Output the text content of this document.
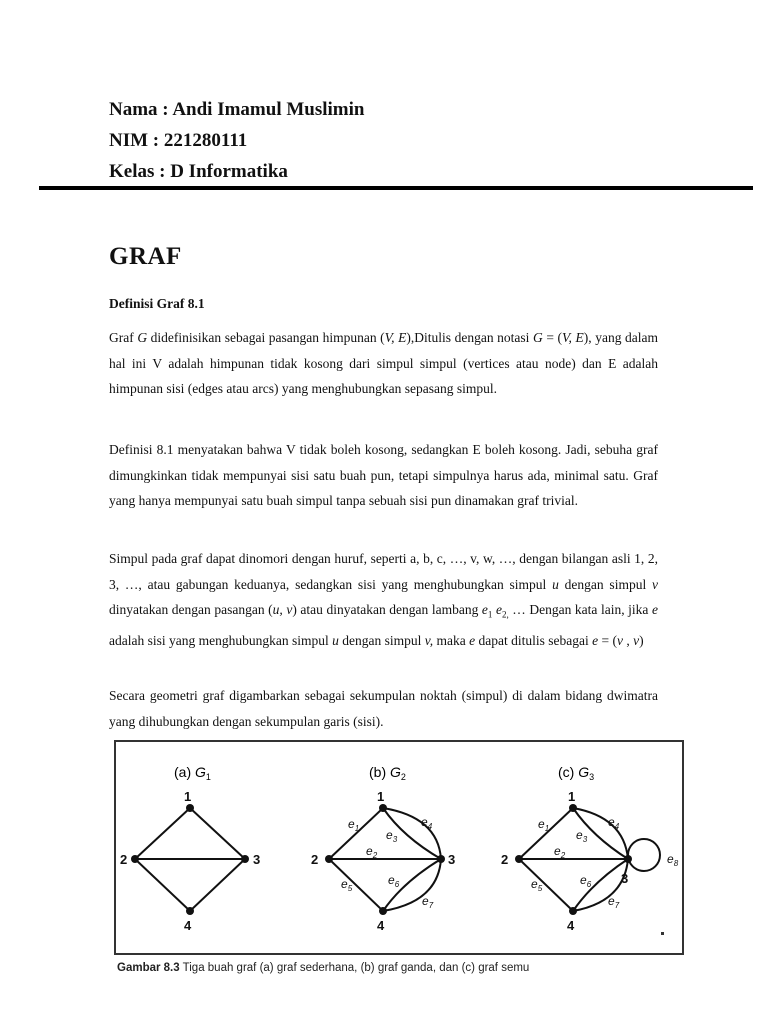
Nama : Andi Imamul Muslimin
NIM : 221280111
Kelas : D Informatika
GRAF
Definisi Graf 8.1
Graf G didefinisikan sebagai pasangan himpunan (V, E),Ditulis dengan notasi G = (V, E), yang dalam hal ini V adalah himpunan tidak kosong dari simpul simpul (vertices atau node) dan E adalah himpunan sisi (edges atau arcs) yang menghubungkan sepasang simpul.
Definisi 8.1 menyatakan bahwa V tidak boleh kosong, sedangkan E boleh kosong. Jadi, sebuha graf dimungkinkan tidak mempunyai sisi satu buah pun, tetapi simpulnya harus ada, minimal satu. Graf yang hanya mempunyai satu buah simpul tanpa sebuah sisi pun dinamakan graf trivial.
Simpul pada graf dapat dinomori dengan huruf, seperti a, b, c, …, v, w, …, dengan bilangan asli 1, 2, 3, …, atau gabungan keduanya, sedangkan sisi yang menghubungkan simpul u dengan simpul v dinyatakan dengan pasangan (u, v) atau dinyatakan dengan lambang $e_1$ $e_{2,}$ … Dengan kata lain, jika e adalah sisi yang menghubungkan simpul u dengan simpul v, maka e dapat ditulis sebagai e = (v , v)
Secara geometri graf digambarkan sebagai sekumpulan noktah (simpul) di dalam bidang dwimatra yang dihubungkan dengan sekumpulan garis (sisi).
(a) $G_1$
1
2	3
4
(b) $G_2$
1
2	3
4
$e_1$
$e_2$
$e_3$
$e_4$
$e_5$
$e_6$
$e_7$
(c) $G_3$
1
2
3
4
$e_1$
$e_2$
$e_3$
$e_4$
$e_5$
$e_6$
$e_7$
$e_8$
Gambar 8.3 Tiga buah graf (a) graf sederhana, (b) graf ganda, dan (c) graf semu
